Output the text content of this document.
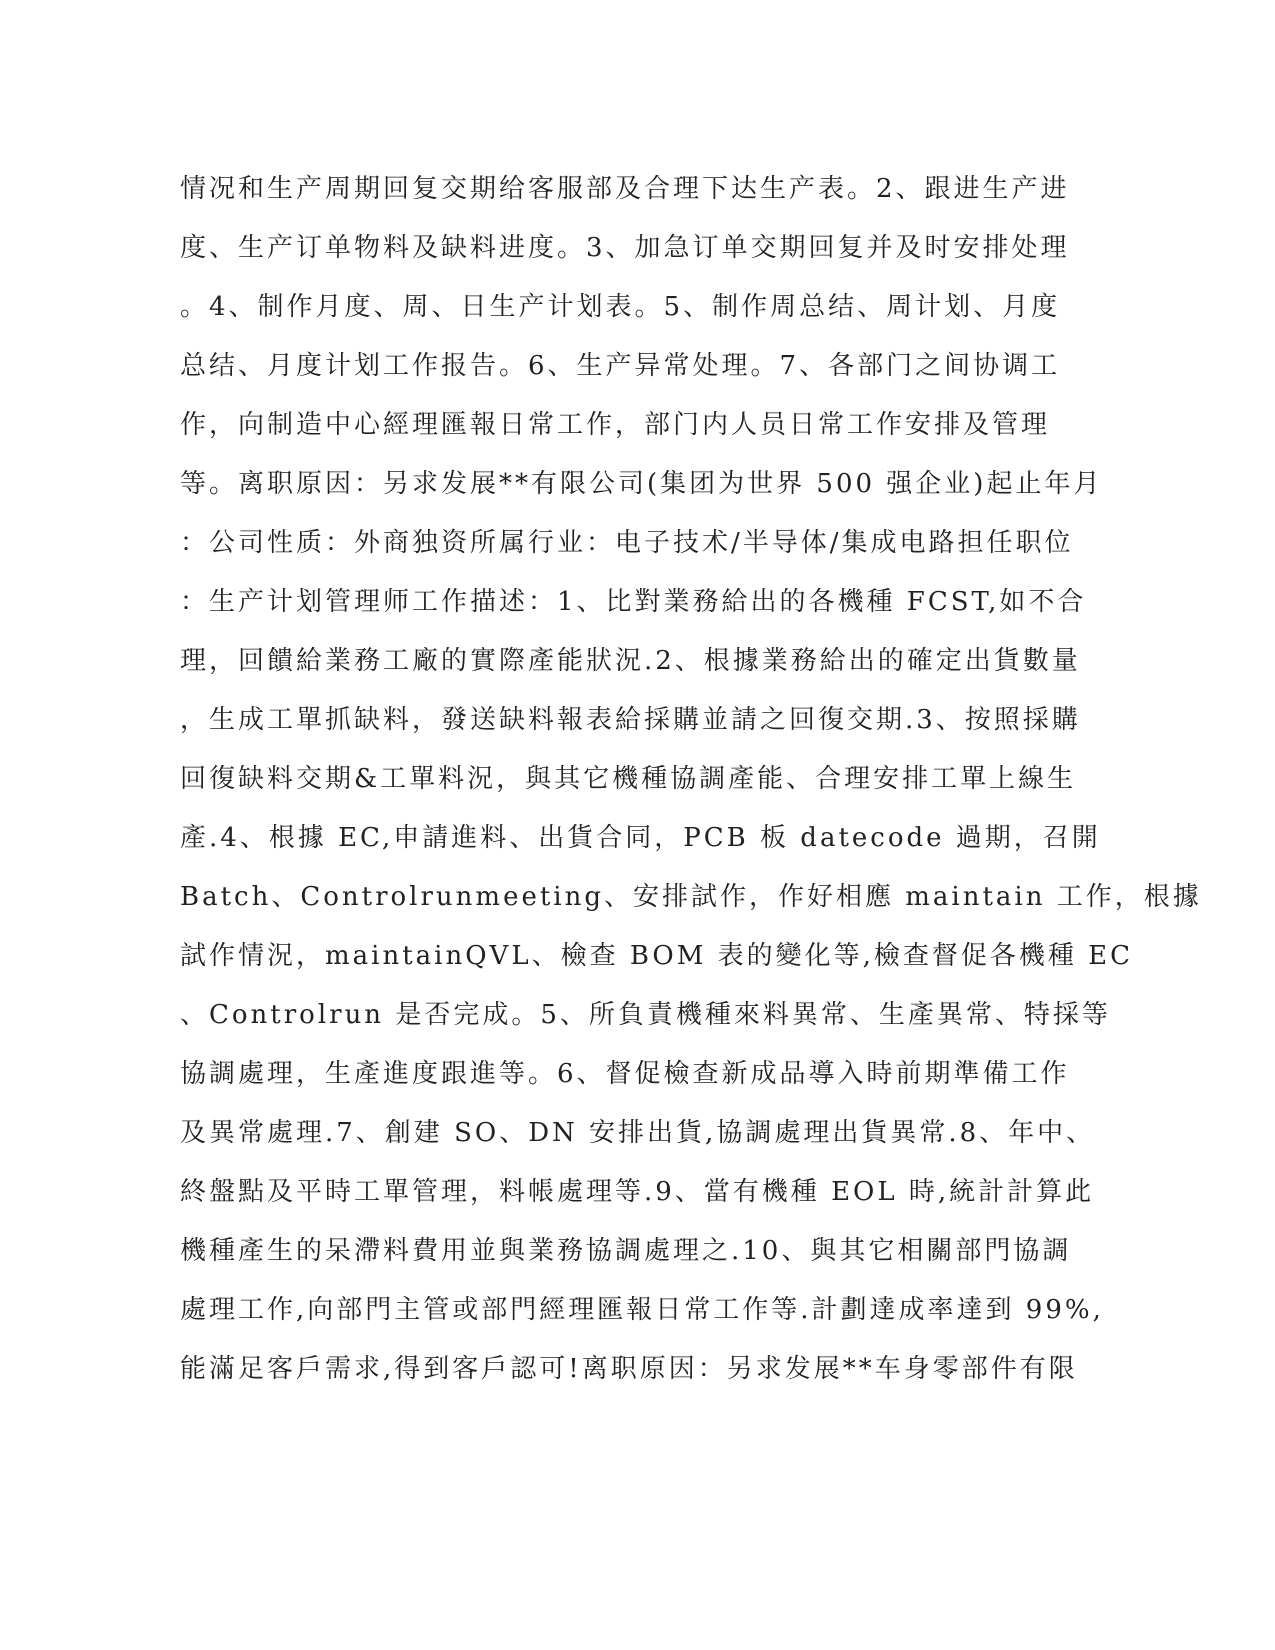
情况和生产周期回复交期给客服部及合理下达生产表。2、跟进生产进
度、生产订单物料及缺料进度。3、加急订单交期回复并及时安排处理
。4、制作月度、周、日生产计划表。5、制作周总结、周计划、月度
总结、月度计划工作报告。6、生产异常处理。7、各部门之间协调工
作，向制造中心經理匯報日常工作，部门内人员日常工作安排及管理
等。离职原因：另求发展**有限公司(集团为世界 500 强企业)起止年月
：公司性质：外商独资所属行业：电子技术/半导体/集成电路担任职位
：生产计划管理师工作描述：1、比對業務給出的各機種 FCST,如不合
理，回饋給業務工廠的實際產能狀況.2、根據業務給出的確定出貨數量
，生成工單抓缺料，發送缺料報表給採購並請之回復交期.3、按照採購
回復缺料交期&工單料況，與其它機種協調產能、合理安排工單上線生
產.4、根據 EC,申請進料、出貨合同，PCB 板 datecode 過期，召開
Batch、Controlrunmeeting、安排試作，作好相應 maintain 工作，根據
試作情況，maintainQVL、檢查 BOM 表的變化等,檢查督促各機種 EC
、Controlrun 是否完成。5、所負責機種來料異常、生產異常、特採等
協調處理，生產進度跟進等。6、督促檢查新成品導入時前期準備工作
及異常處理.7、創建 SO、DN 安排出貨,協調處理出貨異常.8、年中、
終盤點及平時工單管理，料帳處理等.9、當有機種 EOL 時,統計計算此
機種產生的呆滯料費用並與業務協調處理之.10、與其它相關部門協調
處理工作,向部門主管或部門經理匯報日常工作等.計劃達成率達到 99%,
能滿足客戶需求,得到客戶認可!离职原因：另求发展**车身零部件有限
